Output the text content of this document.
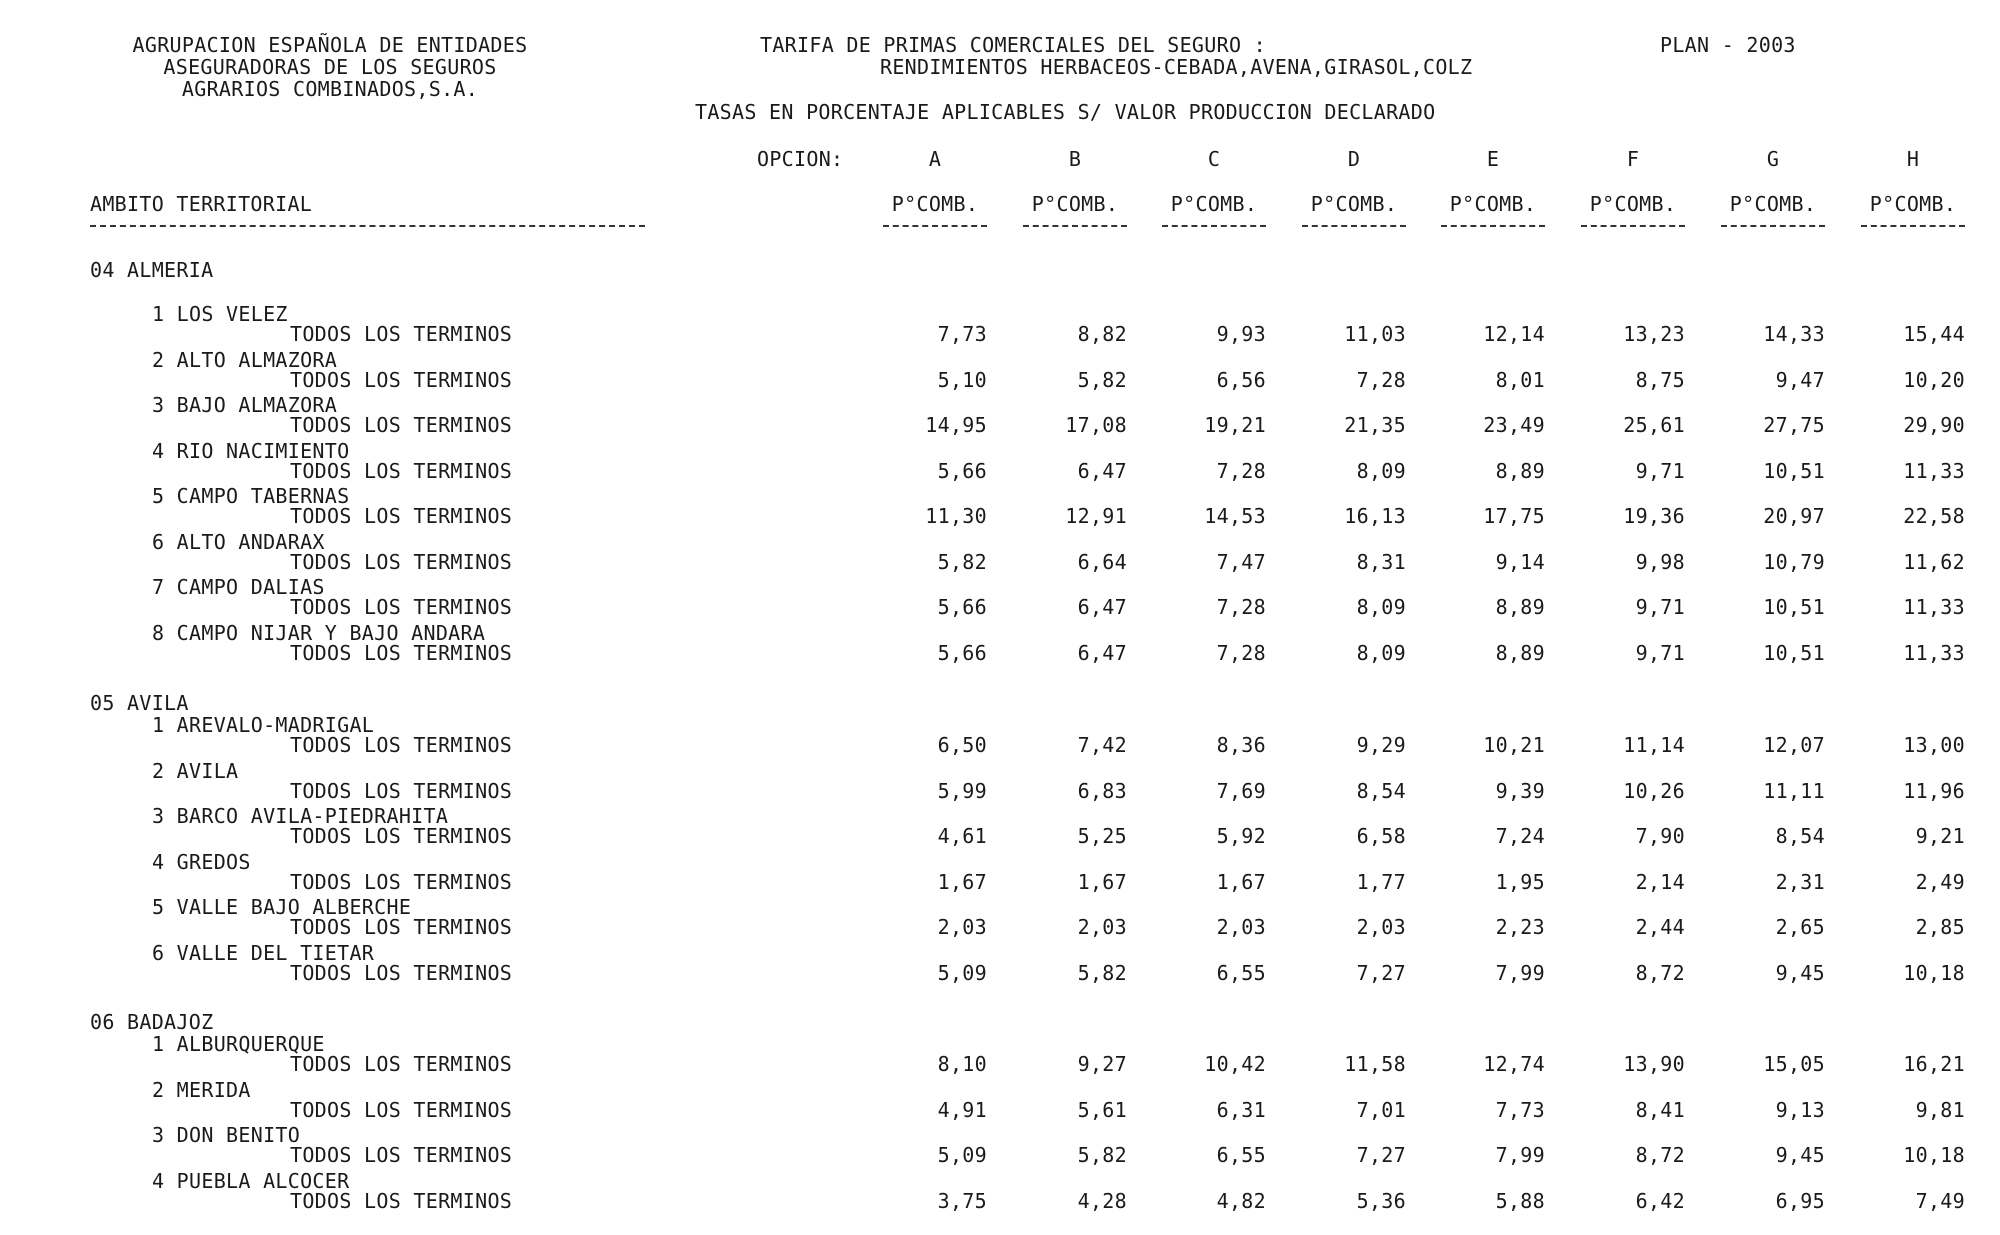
AGRUPACION ESPAÑOLA DE ENTIDADES
ASEGURADORAS DE LOS SEGUROS
AGRARIOS COMBINADOS,S.A.
TARIFA DE PRIMAS COMERCIALES DEL SEGURO :	PLAN - 2003
RENDIMIENTOS HERBACEOS-CEBADA,AVENA,GIRASOL,COLZ
TASAS EN PORCENTAJE APLICABLES S/ VALOR PRODUCCION DECLARADO
OPCION:	A	B	C	D	E	F	G	H
AMBITO TERRITORIAL	P°COMB.	P°COMB.	P°COMB.	P°COMB.	P°COMB.	P°COMB.	P°COMB.	P°COMB.
04 ALMERIA
1 LOS VELEZ
TODOS LOS TERMINOS	7,73	8,82	9,93	11,03	12,14	13,23	14,33	15,44
2 ALTO ALMAZORA
TODOS LOS TERMINOS	5,10	5,82	6,56	7,28	8,01	8,75	9,47	10,20
3 BAJO ALMAZORA
TODOS LOS TERMINOS	14,95	17,08	19,21	21,35	23,49	25,61	27,75	29,90
4 RIO NACIMIENTO
TODOS LOS TERMINOS	5,66	6,47	7,28	8,09	8,89	9,71	10,51	11,33
5 CAMPO TABERNAS
TODOS LOS TERMINOS	11,30	12,91	14,53	16,13	17,75	19,36	20,97	22,58
6 ALTO ANDARAX
TODOS LOS TERMINOS	5,82	6,64	7,47	8,31	9,14	9,98	10,79	11,62
7 CAMPO DALIAS
TODOS LOS TERMINOS	5,66	6,47	7,28	8,09	8,89	9,71	10,51	11,33
8 CAMPO NIJAR Y BAJO ANDARA
TODOS LOS TERMINOS	5,66	6,47	7,28	8,09	8,89	9,71	10,51	11,33
05 AVILA
1 AREVALO-MADRIGAL
TODOS LOS TERMINOS	6,50	7,42	8,36	9,29	10,21	11,14	12,07	13,00
2 AVILA
TODOS LOS TERMINOS	5,99	6,83	7,69	8,54	9,39	10,26	11,11	11,96
3 BARCO AVILA-PIEDRAHITA
TODOS LOS TERMINOS	4,61	5,25	5,92	6,58	7,24	7,90	8,54	9,21
4 GREDOS
TODOS LOS TERMINOS	1,67	1,67	1,67	1,77	1,95	2,14	2,31	2,49
5 VALLE BAJO ALBERCHE
TODOS LOS TERMINOS	2,03	2,03	2,03	2,03	2,23	2,44	2,65	2,85
6 VALLE DEL TIETAR
TODOS LOS TERMINOS	5,09	5,82	6,55	7,27	7,99	8,72	9,45	10,18
06 BADAJOZ
1 ALBURQUERQUE
TODOS LOS TERMINOS	8,10	9,27	10,42	11,58	12,74	13,90	15,05	16,21
2 MERIDA
TODOS LOS TERMINOS	4,91	5,61	6,31	7,01	7,73	8,41	9,13	9,81
3 DON BENITO
TODOS LOS TERMINOS	5,09	5,82	6,55	7,27	7,99	8,72	9,45	10,18
4 PUEBLA ALCOCER
TODOS LOS TERMINOS	3,75	4,28	4,82	5,36	5,88	6,42	6,95	7,49
